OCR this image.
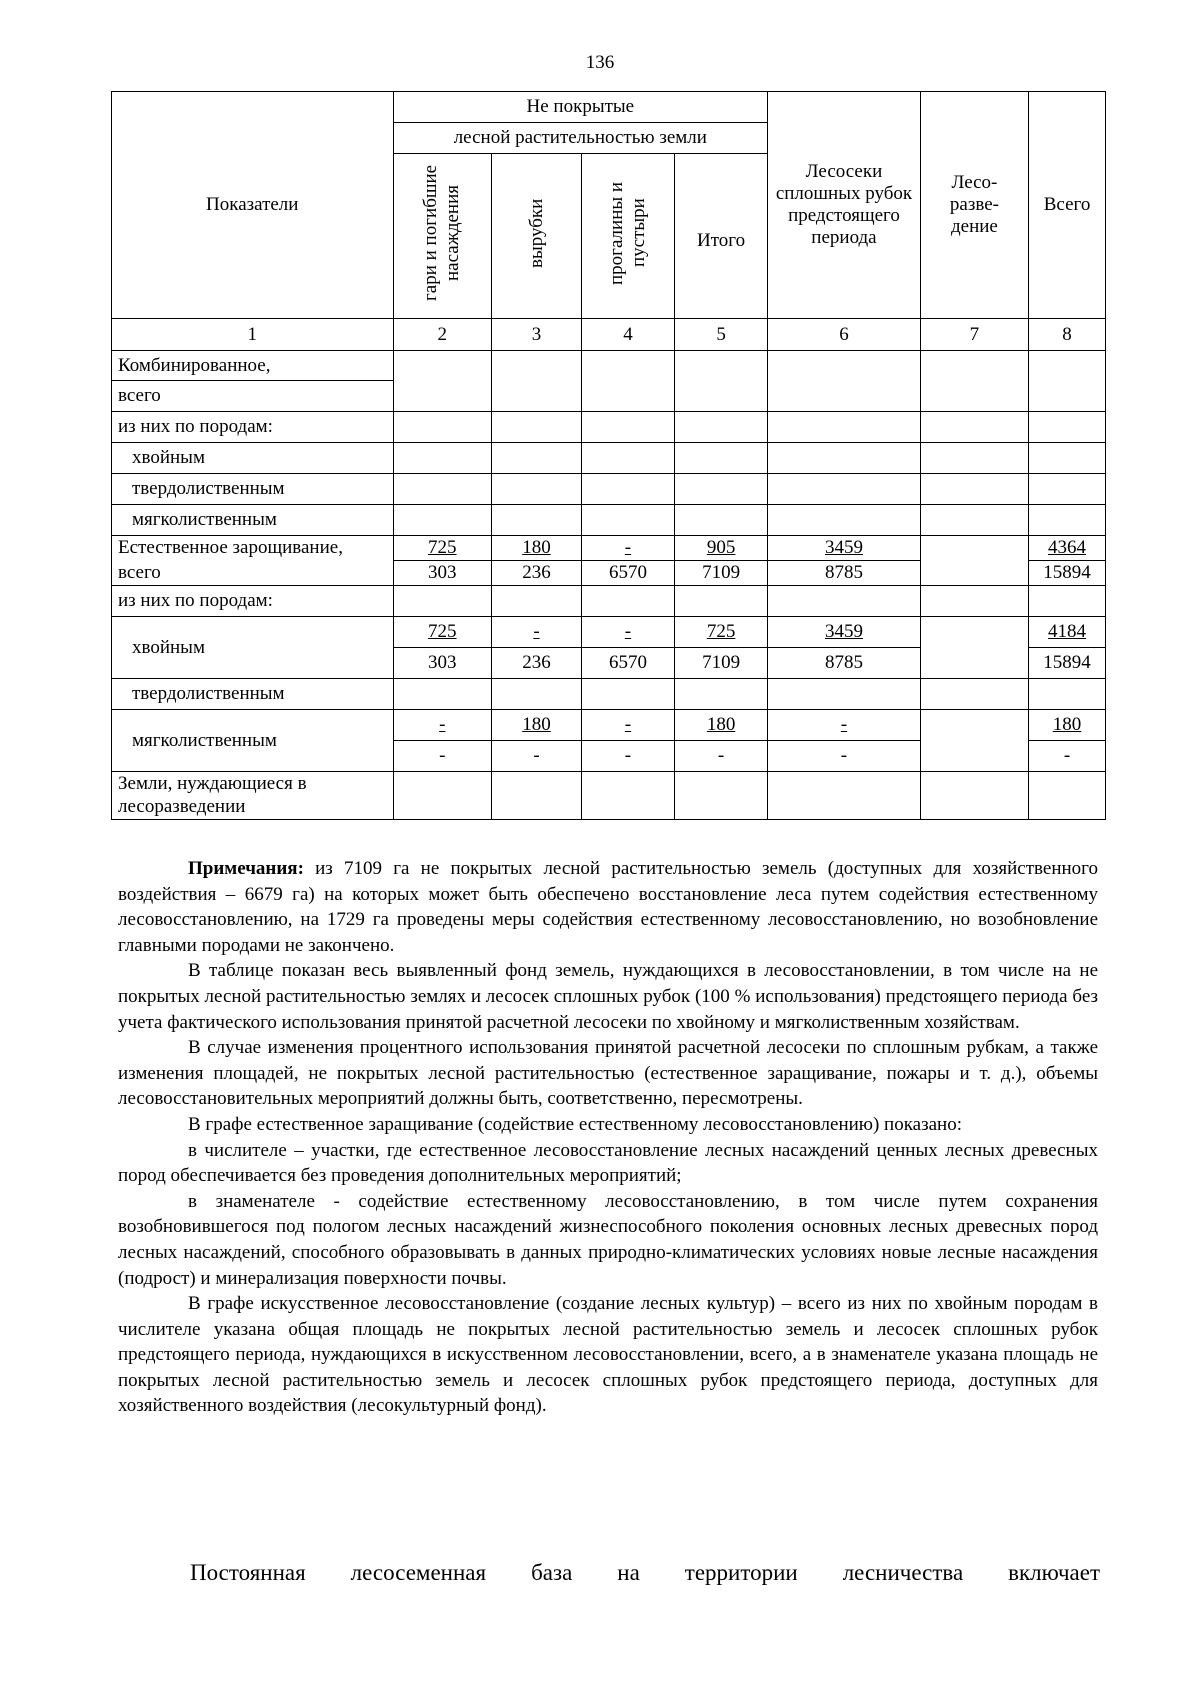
136
Показатели	Не покрытые				Лесосеки сплошных рубок предстоящего периода	Лесо-разве-дение	Всего
	лесной растительностью земли						
	гари и погибшие насаждения	вырубки	прогалины и пустыри	Итого			
1	2	3	4	5	6	7	8
Комбинированное,							
всего							
из них по породам:							
хвойным							
твердолиственным							
мягколиственным							
Естественное зарощивание,	725	180	-	905	3459		4364
всего	303	236	6570	7109	8785		15894
из них по породам:							
хвойным	725	-	-	725	3459		4184
	303	236	6570	7109	8785		15894
твердолиственным							
мягколиственным	-	180	-	180	-		180
	-	-	-	-	-		-
Земли, нуждающиеся в							
лесоразведении							

Примечания: из 7109 га не покрытых лесной растительностью земель (доступных для хозяйственного воздействия – 6679 га) на которых может быть обеспечено восстановление леса путем содействия естественному лесовосстановлению, на 1729 га проведены меры содействия естественному лесовосстановлению, но возобновление главными породами не закончено.

В таблице показан весь выявленный фонд земель, нуждающихся в лесовосстановлении, в том числе на не покрытых лесной растительностью землях и лесосек сплошных рубок (100 % использования) предстоящего периода без учета фактического использования принятой расчетной лесосеки по хвойному и мягколиственным хозяйствам.

В случае изменения процентного использования принятой расчетной лесосеки по сплошным рубкам, а также изменения площадей, не покрытых лесной растительностью (естественное заращивание, пожары и т. д.), объемы лесовосстановительных мероприятий должны быть, соответственно, пересмотрены.

В графе естественное заращивание (содействие естественному лесовосстановлению) показано:

в числителе – участки, где естественное лесовосстановление лесных насаждений ценных лесных древесных пород обеспечивается без проведения дополнительных мероприятий;

в знаменателе - содействие естественному лесовосстановлению, в том числе путем сохранения возобновившегося под пологом лесных насаждений жизнеспособного поколения основных лесных древесных пород лесных насаждений, способного образовывать в данных природно-климатических условиях новые лесные насаждения (подрост) и минерализация поверхности почвы.

В графе искусственное лесовосстановление (создание лесных культур) – всего из них по хвойным породам в числителе указана общая площадь не покрытых лесной растительностью земель и лесосек сплошных рубок предстоящего периода, нуждающихся в искусственном лесовосстановлении, всего, а в знаменателе указана площадь не покрытых лесной растительностью земель и лесосек сплошных рубок предстоящего периода, доступных для хозяйственного воздействия (лесокультурный фонд).

Постоянная лесосеменная база на территории лесничества включает
